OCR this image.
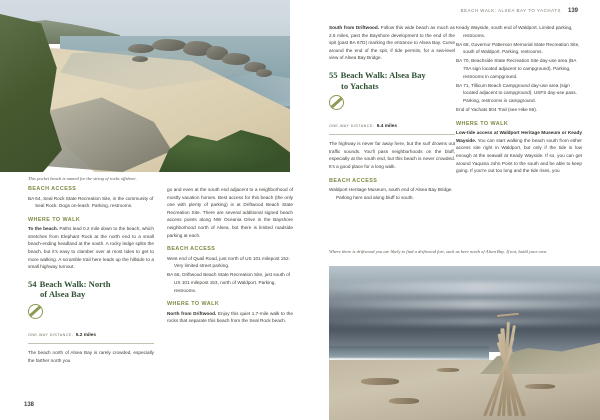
BEACH WALK: ALSEA BAY TO YACHATS 139
This pocket beach is named for the string of rocks offshore.
BEACH ACCESS
BA 64, Seal Rock State Recreation Site, in the community of Seal Rock. Dogs on-leash. Parking, restrooms.
WHERE TO WALK

To the beach. Paths lead 0.2 mile down to the beach, which stretches from Elephant Rock at the north end to a small beach-ending headland at the south. A rocky ledge splits the beach, but it's easy to clamber over at most tides to get to more walking. A scramble trail here leads up the hillside to a small highway turnout.

54 Beach Walk: North
of Alsea Bay
ONE-WAY DISTANCE: 5.2 miles

The beach north of Alsea Bay is rarely crowded, especially the farther north you

go and even at the south end adjacent to a neighborhood of mostly vacation homes. Best access for this beach (the only one with plenty of parking) is at Driftwood Beach State Recreation Site. There are several additional signed beach access points along NW Oceania Drive in the Bayshore neighborhood north of Alsea, but there is limited roadside parking at each.

BEACH ACCESS
West end of Quail Road, just north of US 101 milepost 152. Very limited street parking.
BA 66, Driftwood Beach State Recreation Site, just south of US 101 milepost 153, north of Waldport. Parking, restrooms.
WHERE TO WALK

North from Driftwood. Enjoy this quiet 1.7-mile walk to the rocks that separate this beach from the Seal Rock beach.

South from Driftwood. Follow this wide beach as much as 2.5 miles, past the Bayshore development to the end of the spit (past BA 67D) marking the entrance to Alsea Bay. Curve around the end of the spit, if tide permits, for a sea-level view of Alsea Bay Bridge.

55 Beach Walk: Alsea Bay
to Yachats
ONE-WAY DISTANCE: 6.4 miles

The highway is never far away here, but the surf drowns out traffic sounds. You'll pass neighborhoods on the bluff, especially at the south end, but this beach is never crowded. It's a good place for a long walk.

BEACH ACCESS
Waldport Heritage Museum, south end of Alsea Bay Bridge. Parking here and along bluff to south.
Keady Wayside, south end of Waldport. Limited parking, restrooms.
BA 68, Governor Patterson Memorial State Recreation Site, south of Waldport. Parking, restrooms.
BA 70, Beachside State Recreation Site day-use area (BA 70A sign located adjacent to campground). Parking, restrooms in campground.
BA 71, Tillicum Beach Campground day-use area (sign located adjacent to campground). USFS day-use pass. Parking, restrooms in campground.
End of Yachats 804 Trail (see Hike 56).
WHERE TO WALK

Low-tide access at Waldport Heritage Museum or Keady Wayside. You can start walking the beach south from either access site right in Waldport, but only if the tide is low enough at the seawall at Keady Wayside. If so, you can get around Yaquina John Point to the south and be able to keep going. If you're out too long and the tide rises, you

Where there is driftwood you are likely to find a driftwood fort, such as here north of Alsea Bay. If not, build your own.
138
